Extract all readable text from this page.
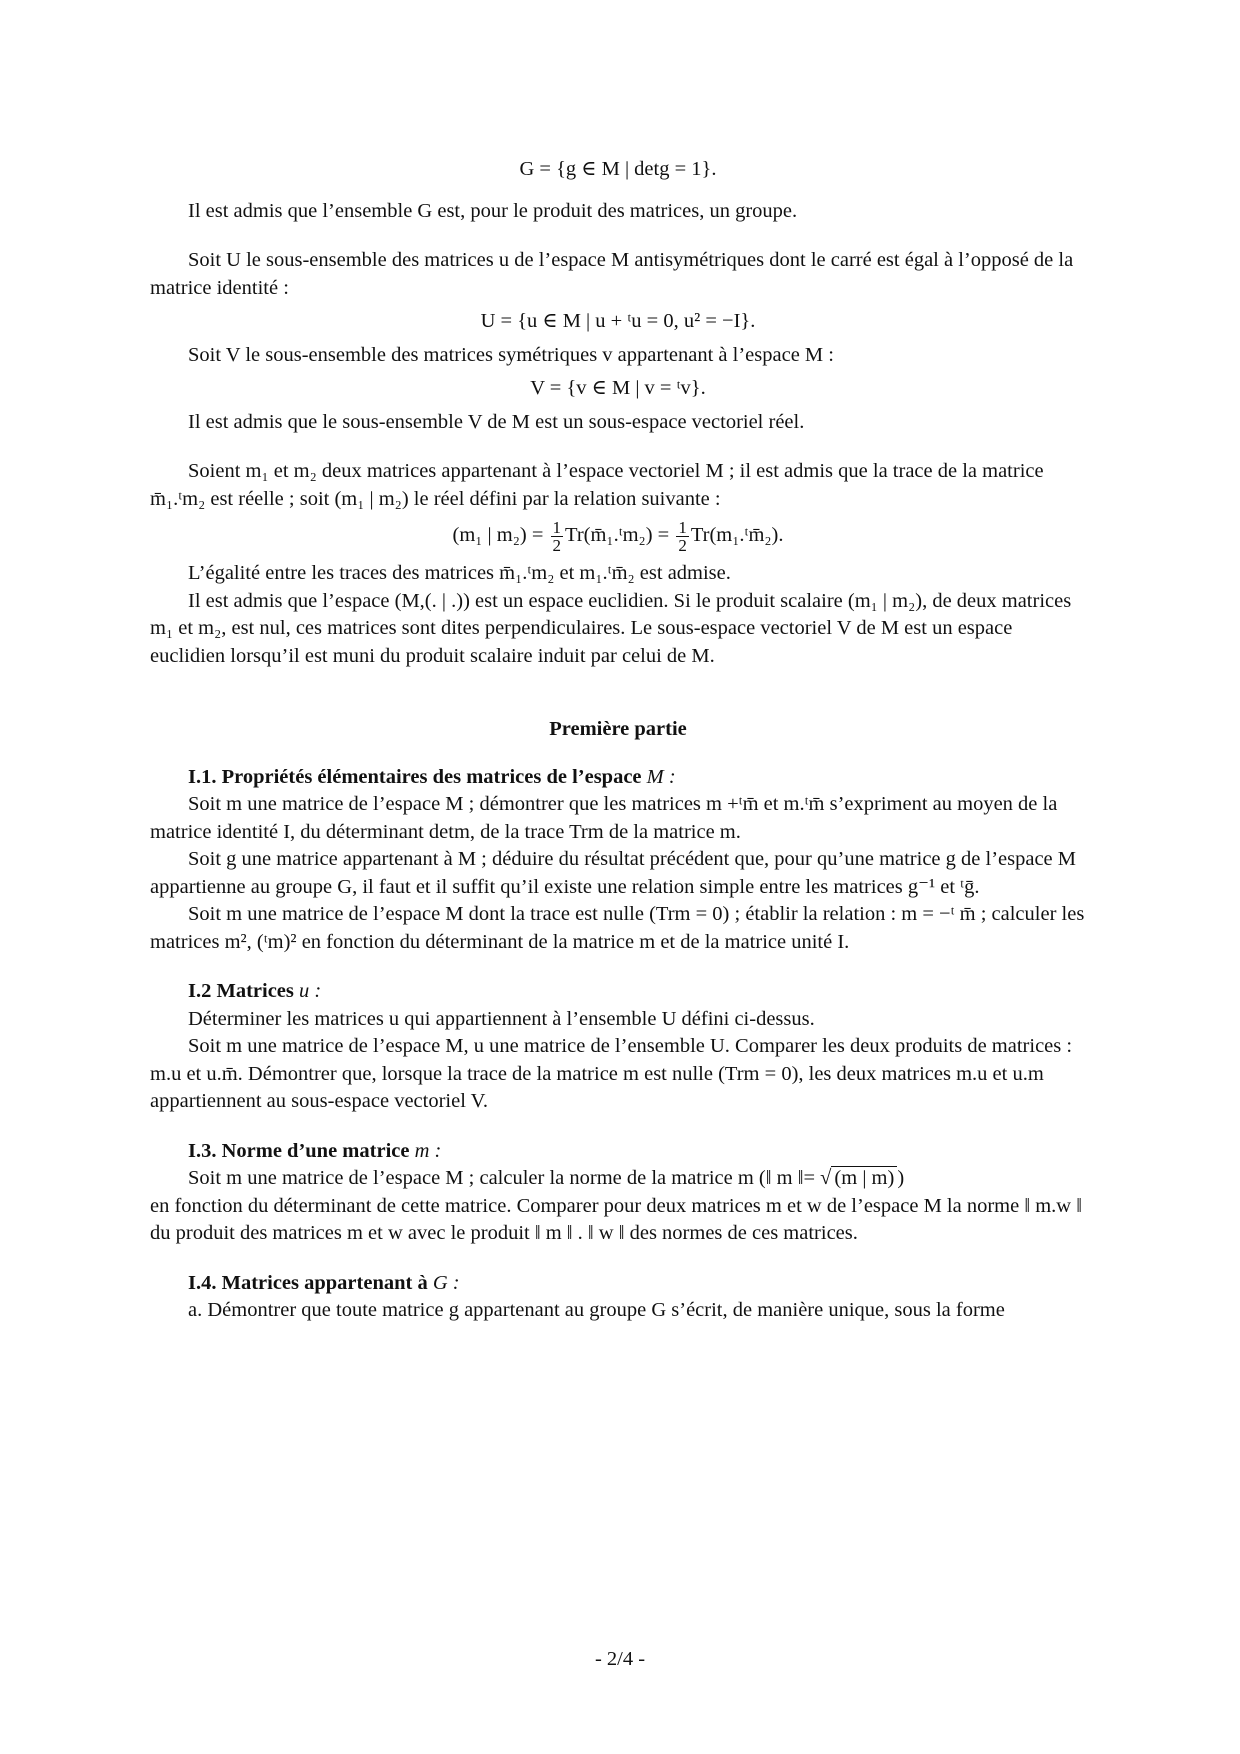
G = {g ∈ M | detg = 1}.

Il est admis que l’ensemble G est, pour le produit des matrices, un groupe.

Soit U le sous-ensemble des matrices u de l’espace M antisymétriques dont le carré est égal à l’opposé de la matrice identité :

U = {u ∈ M | u + ᵗu = 0, u² = −I}.

Soit V le sous-ensemble des matrices symétriques v appartenant à l’espace M :

V = {v ∈ M | v = ᵗv}.

Il est admis que le sous-ensemble V de M est un sous-espace vectoriel réel.

Soient m₁ et m₂ deux matrices appartenant à l’espace vectoriel M ; il est admis que la trace de la matrice m̄₁.ᵗm₂ est réelle ; soit (m₁ | m₂) le réel défini par la relation suivante :

(m₁ | $m_2) = \frac{1}{2}$ Tr(m̄₁.ᵗm₂) = $\frac{1}{2}$ Tr(m₁.ᵗm̄₂).

L’égalité entre les traces des matrices m̄₁.ᵗm₂ et m₁.ᵗm̄₂ est admise.

Il est admis que l’espace (M,(. | .)) est un espace euclidien. Si le produit scalaire (m₁ | m₂), de deux matrices m₁ et m₂, est nul, ces matrices sont dites perpendiculaires. Le sous-espace vectoriel V de M est un espace euclidien lorsqu’il est muni du produit scalaire induit par celui de M.

Première partie

I.1. Propriétés élémentaires des matrices de l’espace M :

Soit m une matrice de l’espace M ; démontrer que les matrices m +ᵗm̄ et m.ᵗm̄ s’expriment au moyen de la matrice identité I, du déterminant detm, de la trace Trm de la matrice m.

Soit g une matrice appartenant à M ; déduire du résultat précédent que, pour qu’une matrice g de l’espace M appartienne au groupe G, il faut et il suffit qu’il existe une relation simple entre les matrices g⁻¹ et ᵗḡ.

Soit m une matrice de l’espace M dont la trace est nulle (Trm = 0) ; établir la relation : m = −ᵗ m̄ ; calculer les matrices m², (ᵗm)² en fonction du déterminant de la matrice m et de la matrice unité I.

I.2 Matrices u :

Déterminer les matrices u qui appartiennent à l’ensemble U défini ci-dessus.

Soit m une matrice de l’espace M, u une matrice de l’ensemble U. Comparer les deux produits de matrices : m.u et u.m̄. Démontrer que, lorsque la trace de la matrice m est nulle (Trm = 0), les deux matrices m.u et u.m appartiennent au sous-espace vectoriel V.

I.3. Norme d’une matrice m :

Soit m une matrice de l’espace M ; calculer la norme de la matrice m (‖ m ‖= √ (m | m) )

en fonction du déterminant de cette matrice. Comparer pour deux matrices m et w de l’espace M la norme ‖ m.w ‖ du produit des matrices m et w avec le produit ‖ m ‖ . ‖ w ‖ des normes de ces matrices.

I.4. Matrices appartenant à G :

a. Démontrer que toute matrice g appartenant au groupe G s’écrit, de manière unique, sous la forme

- 2/4 -
